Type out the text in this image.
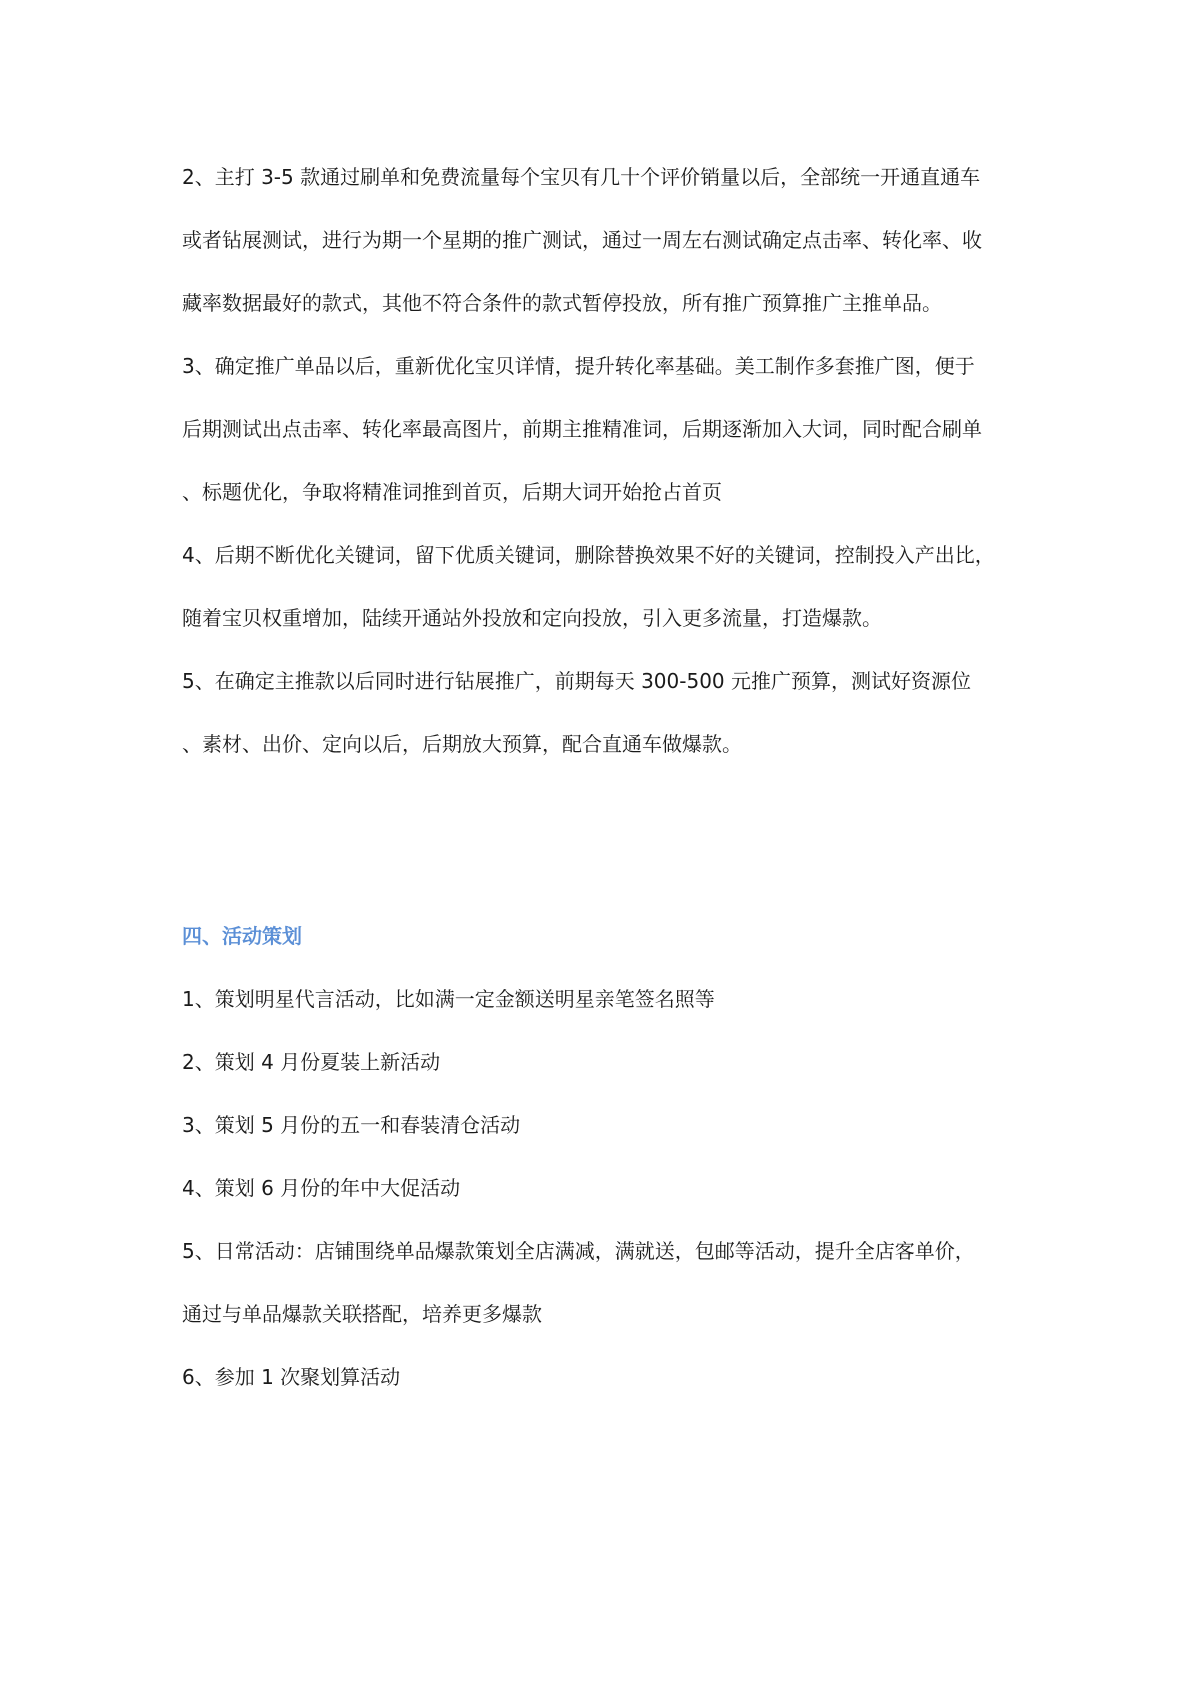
2、主打 3-5 款通过刷单和免费流量每个宝贝有几十个评价销量以后，全部统一开通直通车
或者钻展测试，进行为期一个星期的推广测试，通过一周左右测试确定点击率、转化率、收
藏率数据最好的款式，其他不符合条件的款式暂停投放，所有推广预算推广主推单品。
3、确定推广单品以后，重新优化宝贝详情，提升转化率基础。美工制作多套推广图，便于
后期测试出点击率、转化率最高图片，前期主推精准词，后期逐渐加入大词，同时配合刷单
、标题优化，争取将精准词推到首页，后期大词开始抢占首页
4、后期不断优化关键词，留下优质关键词，删除替换效果不好的关键词，控制投入产出比，
随着宝贝权重增加，陆续开通站外投放和定向投放，引入更多流量，打造爆款。
5、在确定主推款以后同时进行钻展推广，前期每天 300-500 元推广预算，测试好资源位
、素材、出价、定向以后，后期放大预算，配合直通车做爆款。
四、活动策划
1、策划明星代言活动，比如满一定金额送明星亲笔签名照等
2、策划 4 月份夏装上新活动
3、策划 5 月份的五一和春装清仓活动
4、策划 6 月份的年中大促活动
5、日常活动：店铺围绕单品爆款策划全店满减，满就送，包邮等活动，提升全店客单价，
通过与单品爆款关联搭配，培养更多爆款
6、参加 1 次聚划算活动
